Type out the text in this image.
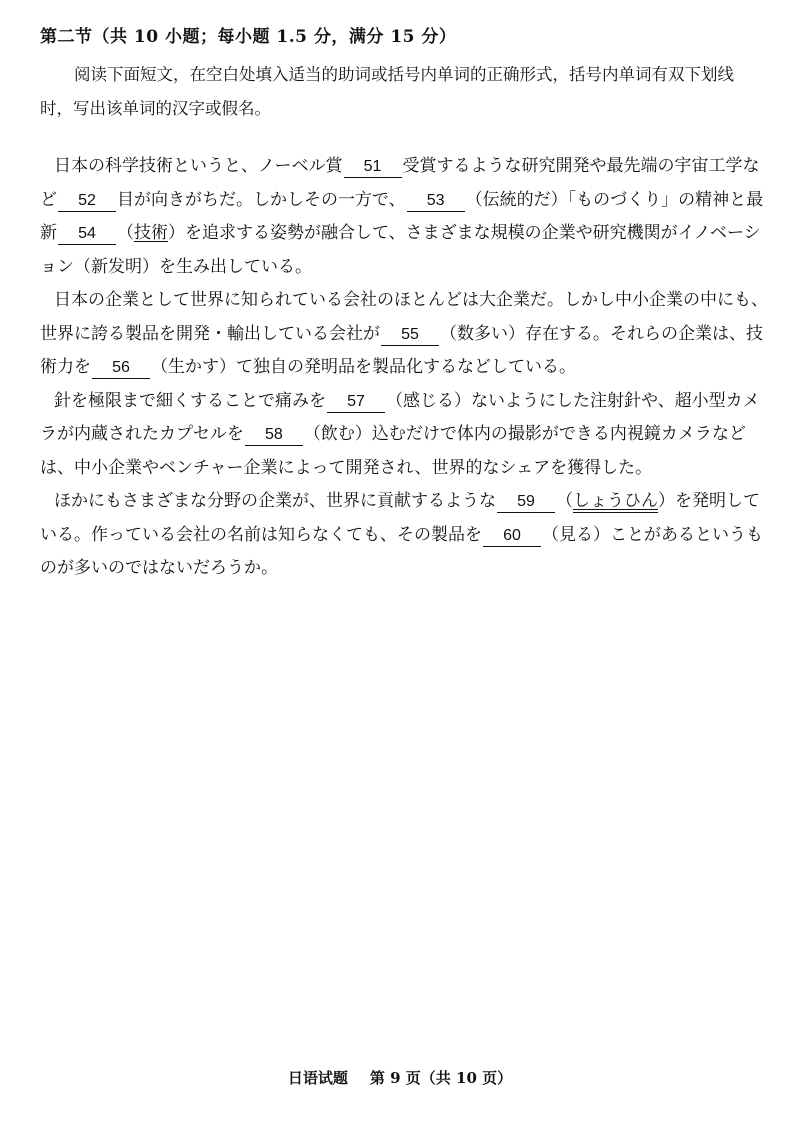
第二节（共 10 小题；每小题 1.5 分，满分 15 分）
阅读下面短文，在空白处填入适当的助词或括号内单词的正确形式，括号内单词有双下划线时，写出该单词的汉字或假名。

日本の科学技術というと、ノーベル賞 51 受賞するような研究開発や最先端の宇宙工学など 52 目が向きがちだ。しかしその一方で、 53 （伝統的だ）「ものづくり」の精神と最新 54 （技術）を追求する姿勢が融合して、さまざまな規模の企業や研究機関がイノベーション（新发明）を生み出している。

日本の企業として世界に知られている会社のほとんどは大企業だ。しかし中小企業の中にも、世界に誇る製品を開発・輸出している会社が 55 （数多い）存在する。それらの企業は、技術力を 56 （生かす）て独自の発明品を製品化するなどしている。

針を極限まで細くすることで痛みを 57 （感じる）ないようにした注射針や、超小型カメラが内蔵されたカプセルを 58 （飲む）込むだけで体内の撮影ができる内視鏡カメラなどは、中小企業やベンチャー企業によって開発され、世界的なシェアを獲得した。

ほかにもさまざまな分野の企業が、世界に貢献するような 59 （しょうひん）を発明している。作っている会社の名前は知らなくても、その製品を 60 （見る）ことがあるというものが多いのではないだろうか。

日语试题 第 9 页（共 10 页）
